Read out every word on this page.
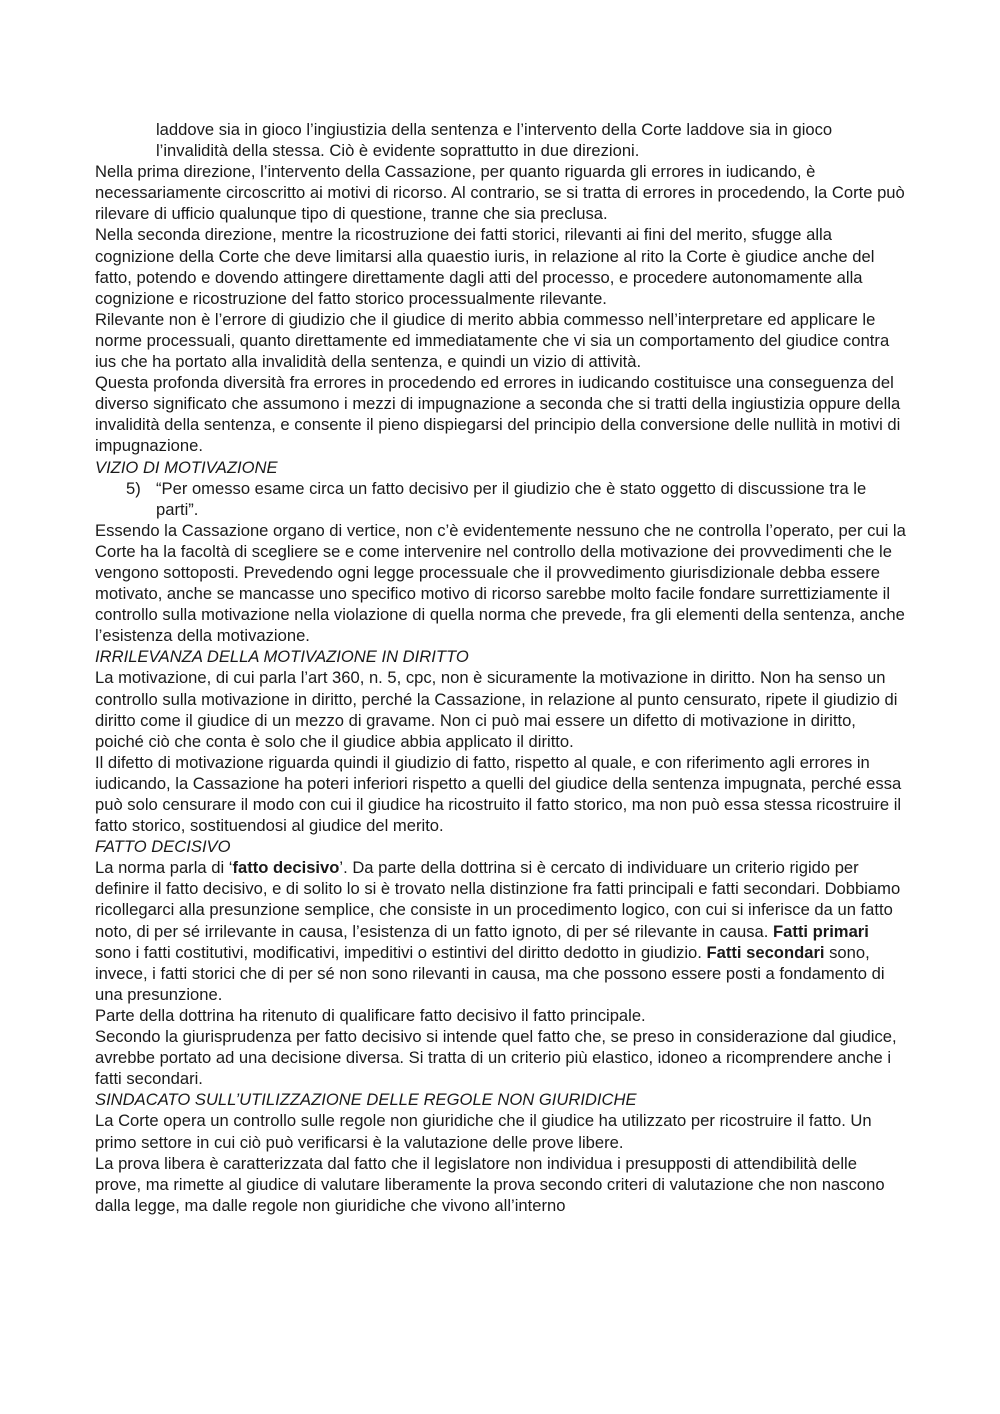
laddove sia in gioco l’ingiustizia della sentenza e l’intervento della Corte laddove sia in gioco l’invalidità della stessa. Ciò è evidente soprattutto in due direzioni.

Nella prima direzione, l’intervento della Cassazione, per quanto riguarda gli errores in iudicando, è necessariamente circoscritto ai motivi di ricorso. Al contrario, se si tratta di errores in procedendo, la Corte può rilevare di ufficio qualunque tipo di questione, tranne che sia preclusa.

Nella seconda direzione, mentre la ricostruzione dei fatti storici, rilevanti ai fini del merito, sfugge alla cognizione della Corte che deve limitarsi alla quaestio iuris, in relazione al rito la Corte è giudice anche del fatto, potendo e dovendo attingere direttamente dagli atti del processo, e procedere autonomamente alla cognizione e ricostruzione del fatto storico processualmente rilevante.

Rilevante non è l’errore di giudizio che il giudice di merito abbia commesso nell’interpretare ed applicare le norme processuali, quanto direttamente ed immediatamente che vi sia un comportamento del giudice contra ius che ha portato alla invalidità della sentenza, e quindi un vizio di attività.

Questa profonda diversità fra errores in procedendo ed errores in iudicando costituisce una conseguenza del diverso significato che assumono i mezzi di impugnazione a seconda che si tratti della ingiustizia oppure della invalidità della sentenza, e consente il pieno dispiegarsi del principio della conversione delle nullità in motivi di impugnazione.

VIZIO DI MOTIVAZIONE

5) “Per omesso esame circa un fatto decisivo per il giudizio che è stato oggetto di discussione tra le parti”.

Essendo la Cassazione organo di vertice, non c’è evidentemente nessuno che ne controlla l’operato, per cui la Corte ha la facoltà di scegliere se e come intervenire nel controllo della motivazione dei provvedimenti che le vengono sottoposti. Prevedendo ogni legge processuale che il provvedimento giurisdizionale debba essere motivato, anche se mancasse uno specifico motivo di ricorso sarebbe molto facile fondare surrettiziamente il controllo sulla motivazione nella violazione di quella norma che prevede, fra gli elementi della sentenza, anche l’esistenza della motivazione.

IRRILEVANZA DELLA MOTIVAZIONE IN DIRITTO

La motivazione, di cui parla l’art 360, n. 5, cpc, non è sicuramente la motivazione in diritto. Non ha senso un controllo sulla motivazione in diritto, perché la Cassazione, in relazione al punto censurato, ripete il giudizio di diritto come il giudice di un mezzo di gravame. Non ci può mai essere un difetto di motivazione in diritto, poiché ciò che conta è solo che il giudice abbia applicato il diritto.

Il difetto di motivazione riguarda quindi il giudizio di fatto, rispetto al quale, e con riferimento agli errores in iudicando, la Cassazione ha poteri inferiori rispetto a quelli del giudice della sentenza impugnata, perché essa può solo censurare il modo con cui il giudice ha ricostruito il fatto storico, ma non può essa stessa ricostruire il fatto storico, sostituendosi al giudice del merito.

FATTO DECISIVO

La norma parla di ‘fatto decisivo’. Da parte della dottrina si è cercato di individuare un criterio rigido per definire il fatto decisivo, e di solito lo si è trovato nella distinzione fra fatti principali e fatti secondari. Dobbiamo ricollegarci alla presunzione semplice, che consiste in un procedimento logico, con cui si inferisce da un fatto noto, di per sé irrilevante in causa, l’esistenza di un fatto ignoto, di per sé rilevante in causa. Fatti primari sono i fatti costitutivi, modificativi, impeditivi o estintivi del diritto dedotto in giudizio. Fatti secondari sono, invece, i fatti storici che di per sé non sono rilevanti in causa, ma che possono essere posti a fondamento di una presunzione.

Parte della dottrina ha ritenuto di qualificare fatto decisivo il fatto principale.

Secondo la giurisprudenza per fatto decisivo si intende quel fatto che, se preso in considerazione dal giudice, avrebbe portato ad una decisione diversa. Si tratta di un criterio più elastico, idoneo a ricomprendere anche i fatti secondari.

SINDACATO SULL’UTILIZZAZIONE DELLE REGOLE NON GIURIDICHE

La Corte opera un controllo sulle regole non giuridiche che il giudice ha utilizzato per ricostruire il fatto. Un primo settore in cui ciò può verificarsi è la valutazione delle prove libere.

La prova libera è caratterizzata dal fatto che il legislatore non individua i presupposti di attendibilità delle prove, ma rimette al giudice di valutare liberamente la prova secondo criteri di valutazione che non nascono dalla legge, ma dalle regole non giuridiche che vivono all’interno
